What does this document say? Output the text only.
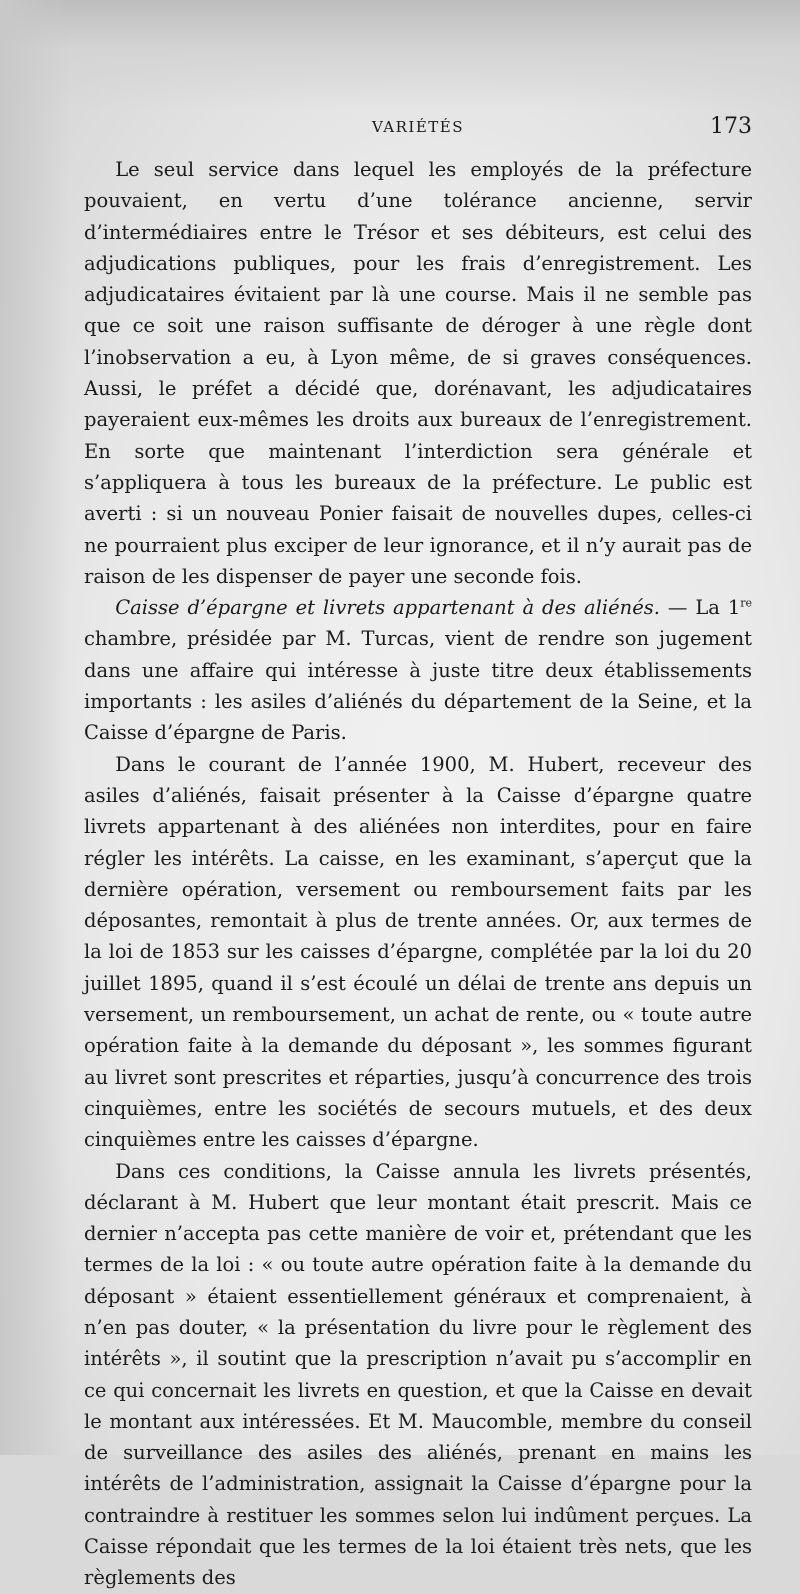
VARIÉTÉS	173

Le seul service dans lequel les employés de la préfecture pouvaient, en vertu d’une tolérance ancienne, servir d’intermédiaires entre le Trésor et ses débiteurs, est celui des adjudications publiques, pour les frais d’enregistrement. Les adjudicataires évitaient par là une course. Mais il ne semble pas que ce soit une raison suffisante de déroger à une règle dont l’inobservation a eu, à Lyon même, de si graves conséquences. Aussi, le préfet a décidé que, dorénavant, les adjudicataires payeraient eux-mêmes les droits aux bureaux de l’enregistrement. En sorte que maintenant l’interdiction sera générale et s’appliquera à tous les bureaux de la préfecture. Le public est averti : si un nouveau Ponier faisait de nouvelles dupes, celles-ci ne pourraient plus exciper de leur ignorance, et il n’y aurait pas de raison de les dispenser de payer une seconde fois.

Caisse d’épargne et livrets appartenant à des aliénés. — La 1re chambre, présidée par M. Turcas, vient de rendre son jugement dans une affaire qui intéresse à juste titre deux établissements importants : les asiles d’aliénés du département de la Seine, et la Caisse d’épargne de Paris.

Dans le courant de l’année 1900, M. Hubert, receveur des asiles d’aliénés, faisait présenter à la Caisse d’épargne quatre livrets appartenant à des aliénées non interdites, pour en faire régler les intérêts. La caisse, en les examinant, s’aperçut que la dernière opération, versement ou remboursement faits par les déposantes, remontait à plus de trente années. Or, aux termes de la loi de 1853 sur les caisses d’épargne, complétée par la loi du 20 juillet 1895, quand il s’est écoulé un délai de trente ans depuis un versement, un remboursement, un achat de rente, ou « toute autre opération faite à la demande du déposant », les sommes figurant au livret sont prescrites et réparties, jusqu’à concurrence des trois cinquièmes, entre les sociétés de secours mutuels, et des deux cinquièmes entre les caisses d’épargne.

Dans ces conditions, la Caisse annula les livrets présentés, déclarant à M. Hubert que leur montant était prescrit. Mais ce dernier n’accepta pas cette manière de voir et, prétendant que les termes de la loi : « ou toute autre opération faite à la demande du déposant » étaient essentiellement généraux et comprenaient, à n’en pas douter, « la présentation du livre pour le règlement des intérêts », il soutint que la prescription n’avait pu s’accomplir en ce qui concernait les livrets en question, et que la Caisse en devait le montant aux intéressées. Et M. Maucomble, membre du conseil de surveillance des asiles des aliénés, prenant en mains les intérêts de l’administration, assignait la Caisse d’épargne pour la contraindre à restituer les sommes selon lui indûment perçues. La Caisse répondait que les termes de la loi étaient très nets, que les règlements des
